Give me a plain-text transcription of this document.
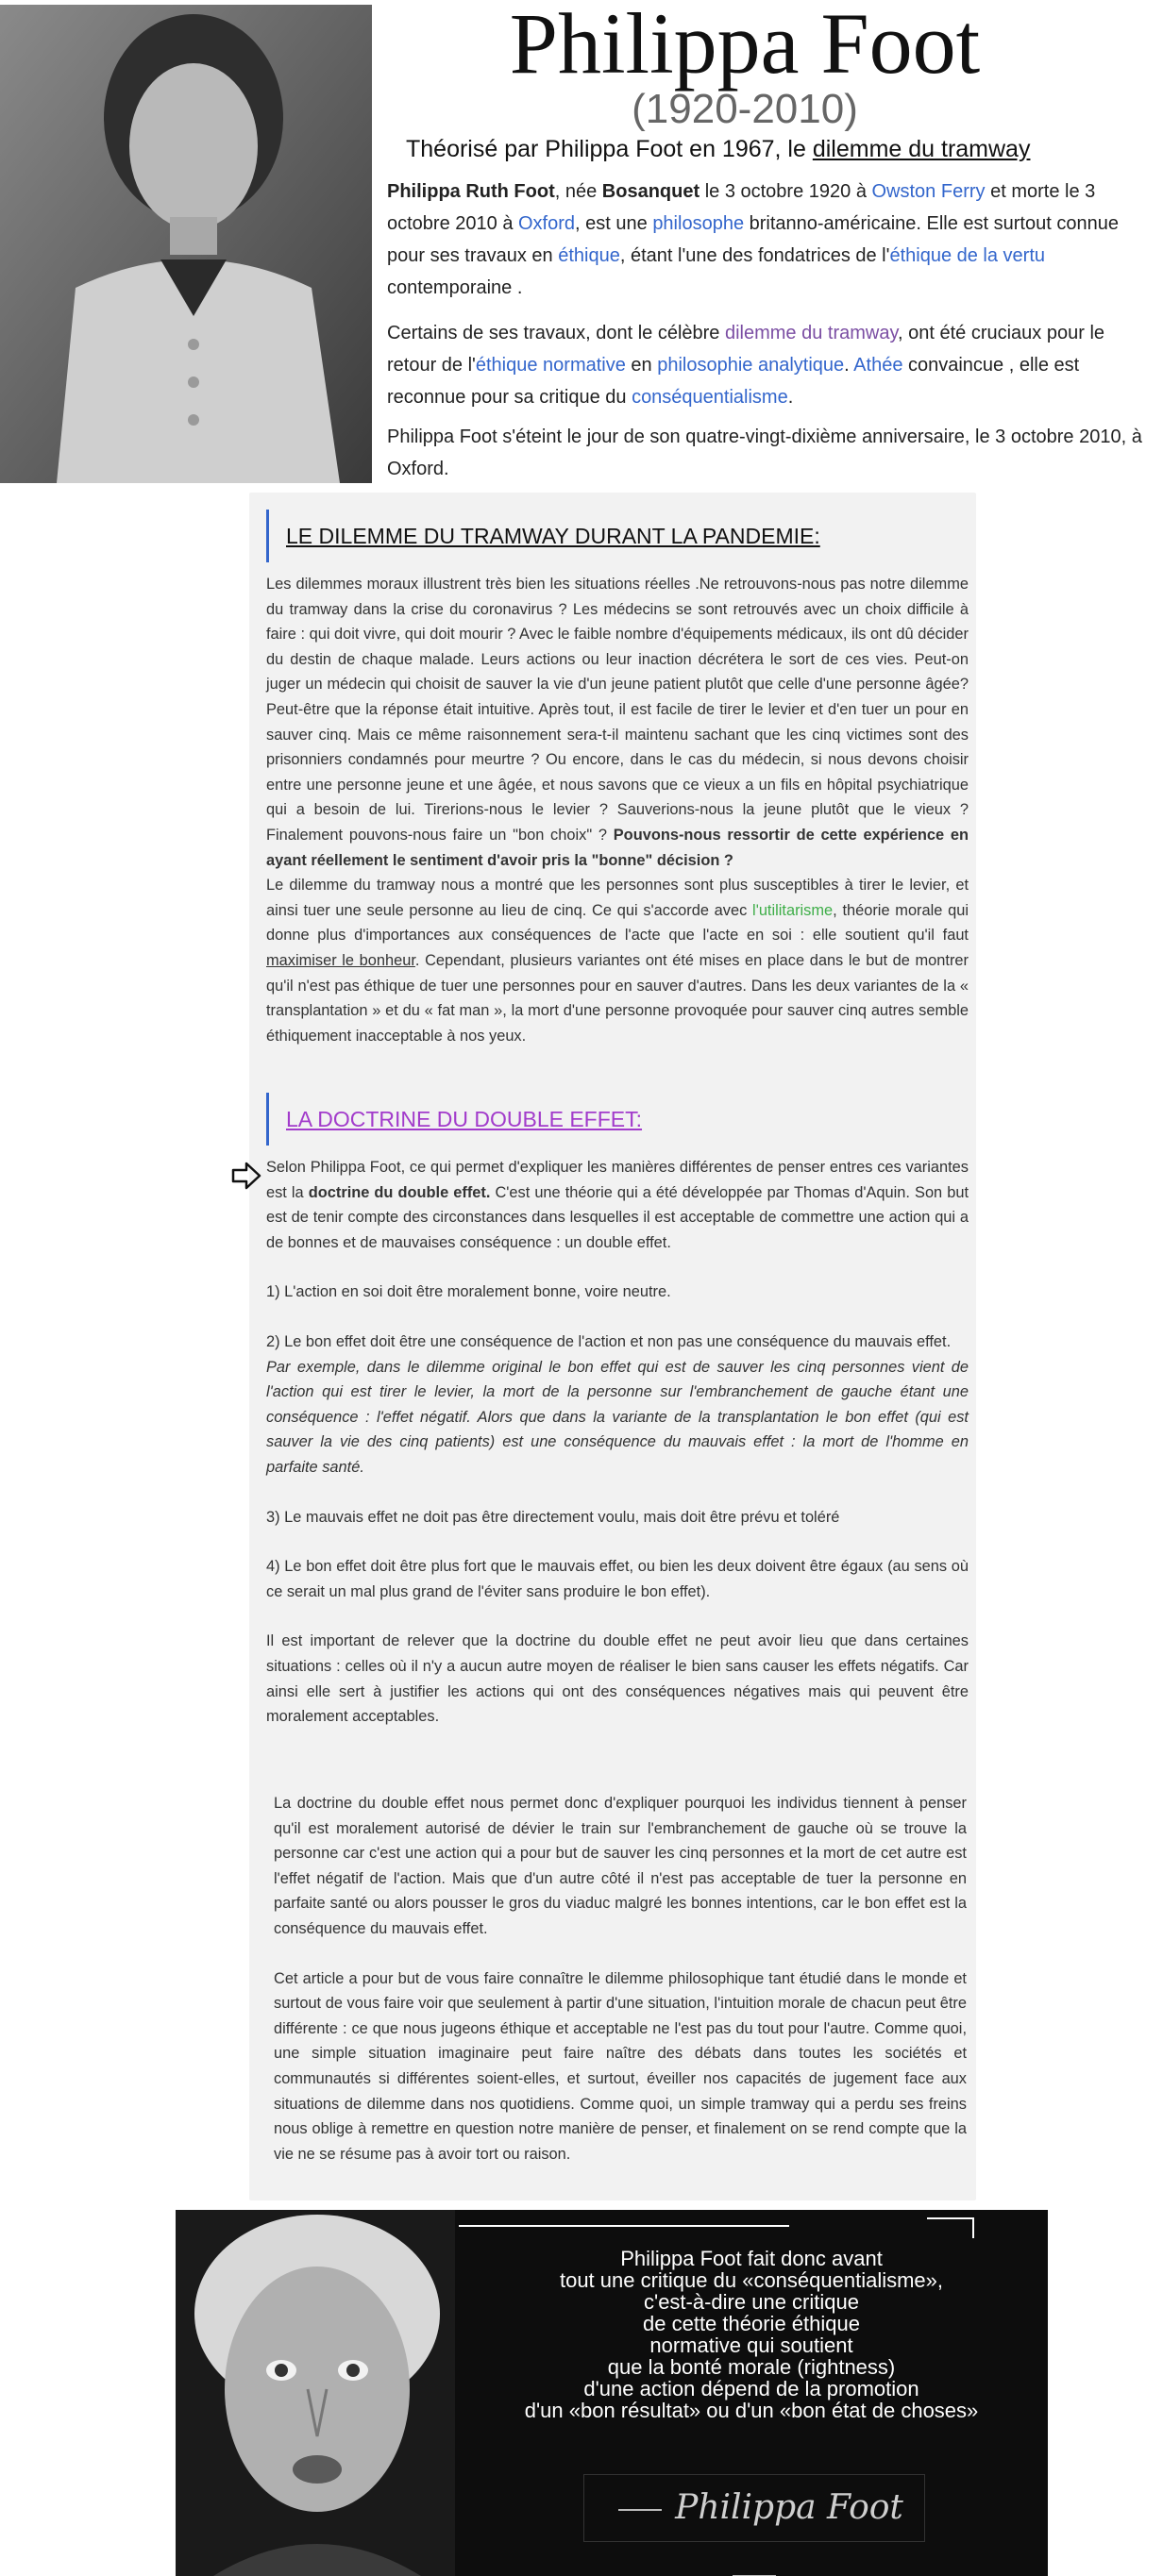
Philippa Foot
(1920-2010)
Théorisé par Philippa Foot en 1967, le dilemme du tramway

Philippa Ruth Foot, née Bosanquet le 3 octobre 1920 à Owston Ferry et morte le 3 octobre 2010 à Oxford, est une philosophe britanno-américaine. Elle est surtout connue pour ses travaux en éthique, étant l'une des fondatrices de l'éthique de la vertu contemporaine .

Certains de ses travaux, dont le célèbre dilemme du tramway, ont été cruciaux pour le retour de l'éthique normative en philosophie analytique. Athée convaincue , elle est reconnue pour sa critique du conséquentialisme.

Philippa Foot s'éteint le jour de son quatre-vingt-dixième anniversaire, le 3 octobre 2010, à Oxford.

LE DILEMME DU TRAMWAY DURANT LA PANDEMIE:

Les dilemmes moraux illustrent très bien les situations réelles .Ne retrouvons-nous pas notre dilemme du tramway dans la crise du coronavirus ? Les médecins se sont retrouvés avec un choix difficile à faire : qui doit vivre, qui doit mourir ? Avec le faible nombre d'équipements médicaux, ils ont dû décider du destin de chaque malade. Leurs actions ou leur inaction décrétera le sort de ces vies. Peut-on juger un médecin qui choisit de sauver la vie d'un jeune patient plutôt que celle d'une personne âgée? Peut-être que la réponse était intuitive. Après tout, il est facile de tirer le levier et d'en tuer un pour en sauver cinq. Mais ce même raisonnement sera-t-il maintenu sachant que les cinq victimes sont des prisonniers condamnés pour meurtre ? Ou encore, dans le cas du médecin, si nous devons choisir entre une personne jeune et une âgée, et nous savons que ce vieux a un fils en hôpital psychiatrique qui a besoin de lui. Tirerions-nous le levier ? Sauverions-nous la jeune plutôt que le vieux ? Finalement pouvons-nous faire un "bon choix" ? Pouvons-nous ressortir de cette expérience en ayant réellement le sentiment d'avoir pris la "bonne" décision ?

Le dilemme du tramway nous a montré que les personnes sont plus susceptibles à tirer le levier, et ainsi tuer une seule personne au lieu de cinq. Ce qui s'accorde avec l'utilitarisme, théorie morale qui donne plus d'importances aux conséquences de l'acte que l'acte en soi : elle soutient qu'il faut maximiser le bonheur. Cependant, plusieurs variantes ont été mises en place dans le but de montrer qu'il n'est pas éthique de tuer une personnes pour en sauver d'autres. Dans les deux variantes de la « transplantation » et du « fat man », la mort d'une personne provoquée pour sauver cinq autres semble éthiquement inacceptable à nos yeux.

LA DOCTRINE DU DOUBLE EFFET:

Selon Philippa Foot, ce qui permet d'expliquer les manières différentes de penser entres ces variantes est la doctrine du double effet. C'est une théorie qui a été développée par Thomas d'Aquin. Son but est de tenir compte des circonstances dans lesquelles il est acceptable de commettre une action qui a de bonnes et de mauvaises conséquence : un double effet.

1) L'action en soi doit être moralement bonne, voire neutre.

2) Le bon effet doit être une conséquence de l'action et non pas une conséquence du mauvais effet.

Par exemple, dans le dilemme original le bon effet qui est de sauver les cinq personnes vient de l'action qui est tirer le levier, la mort de la personne sur l'embranchement de gauche étant une conséquence : l'effet négatif. Alors que dans la variante de la transplantation le bon effet (qui est sauver la vie des cinq patients) est une conséquence du mauvais effet : la mort de l'homme en parfaite santé.

3) Le mauvais effet ne doit pas être directement voulu, mais doit être prévu et toléré

4) Le bon effet doit être plus fort que le mauvais effet, ou bien les deux doivent être égaux (au sens où ce serait un mal plus grand de l'éviter sans produire le bon effet).

Il est important de relever que la doctrine du double effet ne peut avoir lieu que dans certaines situations : celles où il n'y a aucun autre moyen de réaliser le bien sans causer les effets négatifs. Car ainsi elle sert à justifier les actions qui ont des conséquences négatives mais qui peuvent être moralement acceptables.

La doctrine du double effet nous permet donc d'expliquer pourquoi les individus tiennent à penser qu'il est moralement autorisé de dévier le train sur l'embranchement de gauche où se trouve la personne car c'est une action qui a pour but de sauver les cinq personnes et la mort de cet autre est l'effet négatif de l'action. Mais que d'un autre côté il n'est pas acceptable de tuer la personne en parfaite santé ou alors pousser le gros du viaduc malgré les bonnes intentions, car le bon effet est la conséquence du mauvais effet.

Cet article a pour but de vous faire connaître le dilemme philosophique tant étudié dans le monde et surtout de vous faire voir que seulement à partir d'une situation, l'intuition morale de chacun peut être différente : ce que nous jugeons éthique et acceptable ne l'est pas du tout pour l'autre. Comme quoi, une simple situation imaginaire peut faire naître des débats dans toutes les sociétés et communautés si différentes soient-elles, et surtout, éveiller nos capacités de jugement face aux situations de dilemme dans nos quotidiens. Comme quoi, un simple tramway qui a perdu ses freins nous oblige à remettre en question notre manière de penser, et finalement on se rend compte que la vie ne se résume pas à avoir tort ou raison.

Philippa Foot fait donc avant
tout une critique du «conséquentialisme»,
c'est-à-dire une critique
de cette théorie éthique
normative qui soutient
que la bonté morale (rightness)
d'une action dépend de la promotion
d'un «bon résultat» ou d'un «bon état de choses»
Philippa Foot
